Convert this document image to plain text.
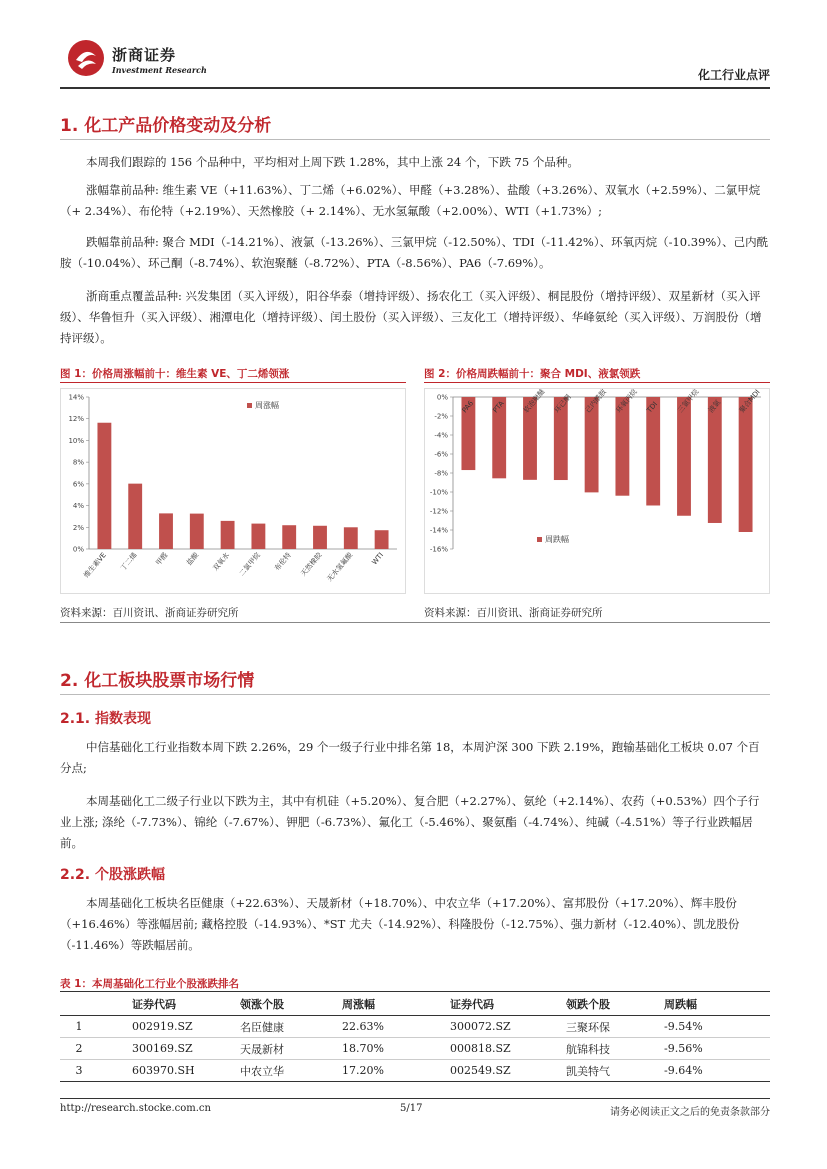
浙商证券
Investment Research	化工行业点评
1. 化工产品价格变动及分析
本周我们跟踪的 156 个品种中，平均相对上周下跌 1.28%，其中上涨 24 个，下跌 75 个品种。
涨幅靠前品种: 维生素 VE（+11.63%）、丁二烯（+6.02%）、甲醛（+3.28%）、盐酸（+3.26%）、双氧水（+2.59%）、二氯甲烷（+ 2.34%）、布伦特（+2.19%）、天然橡胶（+ 2.14%）、无水氢氟酸（+2.00%）、WTI（+1.73%）;
跌幅靠前品种: 聚合 MDI（-14.21%）、液氯（-13.26%）、三氯甲烷（-12.50%）、TDI（-11.42%）、环氧丙烷（-10.39%）、己内酰胺（-10.04%）、环己酮（-8.74%）、软泡聚醚（-8.72%）、PTA（-8.56%）、PA6（-7.69%）。
浙商重点覆盖品种: 兴发集团（买入评级），阳谷华泰（增持评级）、扬农化工（买入评级）、桐昆股份（增持评级）、双星新材（买入评级）、华鲁恒升（买入评级）、湘潭电化（增持评级）、闰土股份（买入评级）、三友化工（增持评级）、华峰氨纶（买入评级）、万润股份（增持评级）。
图 1：价格周涨幅前十：维生素 VE、丁二烯领涨
0%
2%
4%
6%
8%
10%
12%
14%
维生素VE 丁二烯 甲醛 盐酸 双氧水 二氯甲烷 布伦特 天然橡胶 无水氢氟酸 WTI
周涨幅
资料来源：百川资讯、浙商证券研究所
图 2：价格周跌幅前十：聚合 MDI、液氯领跌
0%
-2%
-4%
-6%
-8%
-10%
-12%
-14%
-16%
PA6 PTA 软泡聚醚 环己酮 己内酰胺 环氧丙烷 TDI 三氯甲烷 液氯 聚合MDI
周跌幅
资料来源：百川资讯、浙商证券研究所
2. 化工板块股票市场行情
2.1. 指数表现
中信基础化工行业指数本周下跌 2.26%，29 个一级子行业中排名第 18，本周沪深 300 下跌 2.19%，跑输基础化工板块 0.07 个百分点;
本周基础化工二级子行业以下跌为主，其中有机硅（+5.20%）、复合肥（+2.27%）、氨纶（+2.14%）、农药（+0.53%）四个子行业上涨; 涤纶（-7.73%）、锦纶（-7.67%）、钾肥（-6.73%）、氟化工（-5.46%）、聚氨酯（-4.74%）、纯碱（-4.51%）等子行业跌幅居前。
2.2. 个股涨跌幅
本周基础化工板块名臣健康（+22.63%）、天晟新材（+18.70%）、中农立华（+17.20%）、富邦股份（+17.20%）、辉丰股份（+16.46%）等涨幅居前; 藏格控股（-14.93%）、*ST 尤夫（-14.92%）、科隆股份（-12.75%）、强力新材（-12.40%）、凯龙股份（-11.46%）等跌幅居前。
表 1：本周基础化工行业个股涨跌排名
	证券代码	领涨个股	周涨幅	证券代码	领跌个股	周跌幅
1	002919.SZ	名臣健康	22.63%	300072.SZ	三聚环保	-9.54%
2	300169.SZ	天晟新材	18.70%	000818.SZ	航锦科技	-9.56%
3	603970.SH	中农立华	17.20%	002549.SZ	凯美特气	-9.64%
http://research.stocke.com.cn	5/17	请务必阅读正文之后的免责条款部分
